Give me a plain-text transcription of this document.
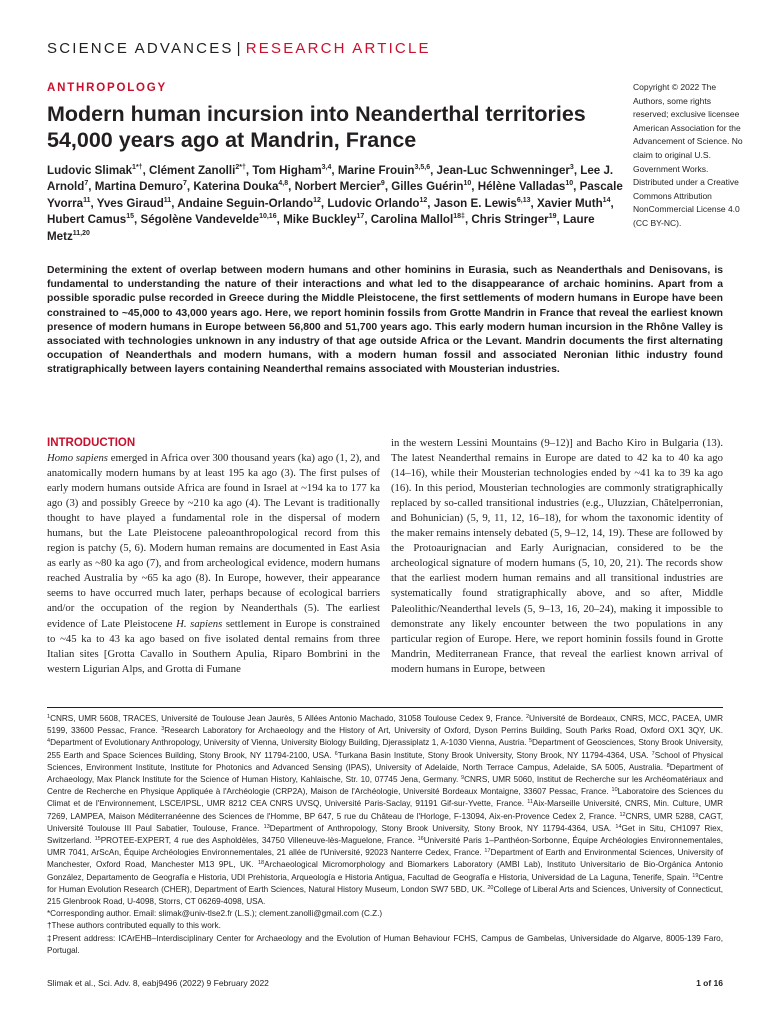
SCIENCE ADVANCES | RESEARCH ARTICLE
ANTHROPOLOGY
Modern human incursion into Neanderthal territories 54,000 years ago at Mandrin, France
Copyright © 2022 The Authors, some rights reserved; exclusive licensee American Association for the Advancement of Science. No claim to original U.S. Government Works. Distributed under a Creative Commons Attribution NonCommercial License 4.0 (CC BY-NC).
Ludovic Slimak$^{1*\dagger}$, Clément Zanolli$^{2*\dagger}$, Tom Higham$^{3,4}$, Marine Frouin$^{3,5,6}$, Jean-Luc Schwenninger$^3$, Lee J. Arnold$^7$, Martina Demuro$^7$, Katerina Douka$^{4,8}$, Norbert Mercier$^9$, Gilles Guérin$^{10}$, Hélène Valladas$^{10}$, Pascale Yvorra$^{11}$, Yves Giraud$^{11}$, Andaine Seguin-Orlando$^{12}$, Ludovic Orlando$^{12}$, Jason E. Lewis$^{6,13}$, Xavier Muth$^{14}$, Hubert Camus$^{15}$, Ségolène Vandevelde$^{10,16}$, Mike Buckley$^{17}$, Carolina Mallol$^{18\ddagger}$, Chris Stringer$^{19}$, Laure Metz$^{11,20}$

Determining the extent of overlap between modern humans and other hominins in Eurasia, such as Neanderthals and Denisovans, is fundamental to understanding the nature of their interactions and what led to the disappearance of archaic hominins. Apart from a possible sporadic pulse recorded in Greece during the Middle Pleistocene, the first settlements of modern humans in Europe have been constrained to ~45,000 to 43,000 years ago. Here, we report hominin fossils from Grotte Mandrin in France that reveal the earliest known presence of modern humans in Europe between 56,800 and 51,700 years ago. This early modern human incursion in the Rhône Valley is associated with technologies unknown in any industry of that age outside Africa or the Levant. Mandrin documents the first alternating occupation of Neanderthals and modern humans, with a modern human fossil and associated Neronian lithic industry found stratigraphically between layers containing Neanderthal remains associated with Mousterian industries.

INTRODUCTION

Homo sapiens emerged in Africa over 300 thousand years (ka) ago (1, 2), and anatomically modern humans by at least 195 ka ago (3). The first pulses of early modern humans outside Africa are found in Israel at ~194 ka to 177 ka ago (3) and possibly Greece by ~210 ka ago (4). The Levant is traditionally thought to have played a fundamental role in the dispersal of modern humans, but the Late Pleistocene paleoanthropological record from this region is patchy (5, 6). Modern human remains are documented in East Asia as early as ~80 ka ago (7), and from archeological evidence, modern humans reached Australia by ~65 ka ago (8). In Europe, however, their appearance seems to have occurred much later, perhaps because of ecological barriers and/or the occupation of the region by Neanderthals (5). The earliest evidence of Late Pleistocene H. sapiens settlement in Europe is constrained to ~45 ka to 43 ka ago based on five isolated dental remains from three Italian sites [Grotta Cavallo in Southern Apulia, Riparo Bombrini in the western Ligurian Alps, and Grotta di Fumane

in the western Lessini Mountains (9–12)] and Bacho Kiro in Bulgaria (13). The latest Neanderthal remains in Europe are dated to 42 ka to 40 ka ago (14–16), while their Mousterian technologies ended by ~41 ka to 39 ka ago (16). In this period, Mousterian technologies are commonly stratigraphically replaced by so-called transitional industries (e.g., Uluzzian, Châtelperronian, and Bohunician) (5, 9, 11, 12, 16–18), for whom the taxonomic identity of the maker remains intensely debated (5, 9–12, 14, 19). These are followed by the Protoaurignacian and Early Aurignacian, considered to be the archeological signature of modern humans (5, 10, 20, 21). The records show that the earliest modern human remains and all transitional industries are systematically found stratigraphically above, and so after, Middle Paleolithic/Neanderthal levels (5, 9–13, 16, 20–24), making it impossible to demonstrate any likely encounter between the two populations in any particular region of Europe. Here, we report hominin fossils found in Grotte Mandrin, Mediterranean France, that reveal the earliest known arrival of modern humans in Europe, between

$^1$CNRS, UMR 5608, TRACES, Université de Toulouse Jean Jaurès, 5 Allées Antonio Machado, 31058 Toulouse Cedex 9, France. $^2$Université de Bordeaux, CNRS, MCC, PACEA, UMR 5199, 33600 Pessac, France. $^3$Research Laboratory for Archaeology and the History of Art, University of Oxford, Dyson Perrins Building, South Parks Road, Oxford OX1 3QY, UK. $^4$Department of Evolutionary Anthropology, University of Vienna, University Biology Building, Djerassiplatz 1, A-1030 Vienna, Austria. $^5$Department of Geosciences, Stony Brook University, 255 Earth and Space Sciences Building, Stony Brook, NY 11794-2100, USA. $^6$Turkana Basin Institute, Stony Brook University, Stony Brook, NY 11794-4364, USA. $^7$School of Physical Sciences, Environment Institute, Institute for Photonics and Advanced Sensing (IPAS), University of Adelaide, North Terrace Campus, Adelaide, SA 5005, Australia. $^8$Department of Archaeology, Max Planck Institute for the Science of Human History, Kahlaische, Str. 10, 07745 Jena, Germany. $^9$CNRS, UMR 5060, Institut de Recherche sur les Archéomatériaux and Centre de Recherche en Physique Appliquée à l'Archéologie (CRP2A), Maison de l'Archéologie, Université Bordeaux Montaigne, 33607 Pessac, France. $^{10}$Laboratoire des Sciences du Climat et de l'Environnement, LSCE/IPSL, UMR 8212 CEA CNRS UVSQ, Université Paris-Saclay, 91191 Gif-sur-Yvette, France. $^{11}$Aix-Marseille Université, CNRS, Min. Culture, UMR 7269, LAMPEA, Maison Méditerranéenne des Sciences de l'Homme, BP 647, 5 rue du Château de l'Horloge, F-13094, Aix-en-Provence Cedex 2, France. $^{12}$CNRS, UMR 5288, CAGT, Université Toulouse III Paul Sabatier, Toulouse, France. $^{13}$Department of Anthropology, Stony Brook University, Stony Brook, NY 11794-4364, USA. $^{14}$Get in Situ, CH1097 Riex, Switzerland. $^{15}$PROTEE-EXPERT, 4 rue des Aspholdèles, 34750 Villeneuve-lès-Maguelone, France. $^{16}$Université Paris 1–Panthéon-Sorbonne, Équipe Archéologies Environnementales, UMR 7041, ArScAn, Équipe Archéologies Environnementales, 21 allée de l'Université, 92023 Nanterre Cedex, France. $^{17}$Department of Earth and Environmental Sciences, University of Manchester, Oxford Road, Manchester M13 9PL, UK. $^{18}$Archaeological Micromorphology and Biomarkers Laboratory (AMBI Lab), Instituto Universitario de Bio-Orgánica Antonio González, Departamento de Geografía e Historia, UDI Prehistoria, Arqueología e Historia Antigua, Facultad de Geografía e Historia, Universidad de La Laguna, Tenerife, Spain. $^{19}$Centre for Human Evolution Research (CHER), Department of Earth Sciences, Natural History Museum, London SW7 5BD, UK. $^{20}$College of Liberal Arts and Sciences, University of Connecticut, 215 Glenbrook Road, U-4098, Storrs, CT 06269-4098, USA.
*Corresponding author. Email: slimak@univ-tlse2.fr (L.S.); clement.zanolli@gmail.com (C.Z.)
†These authors contributed equally to this work.
‡Present address: ICArEHB–Interdisciplinary Center for Archaeology and the Evolution of Human Behaviour FCHS, Campus de Gambelas, Universidade do Algarve, 8005-139 Faro, Portugal.
Slimak et al., Sci. Adv. 8, eabj9496 (2022) 9 February 2022	1 of 16
